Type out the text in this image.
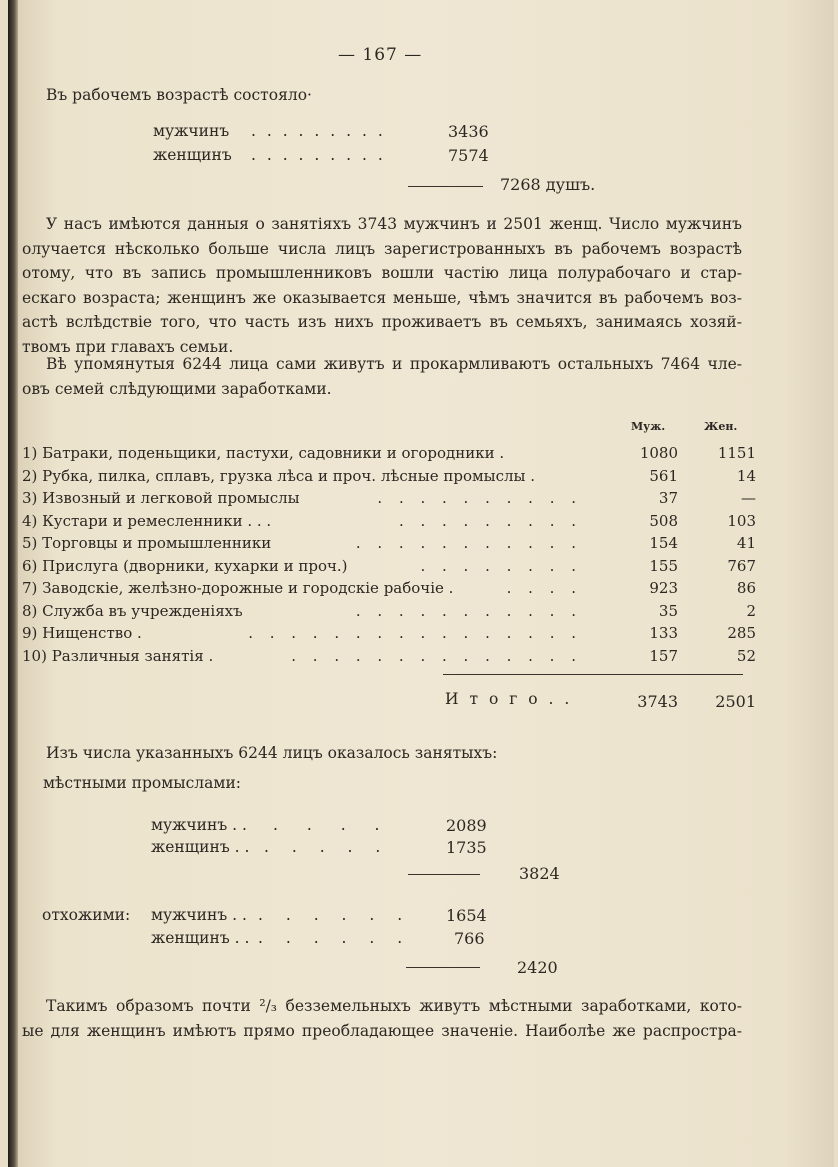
— 167 —
Въ рабочемъ возрастѣ состояло·
мужчинъ . . . . . . . . .	3436
женщинъ . . . . . . . . .	7574
7268 душъ.
У насъ имѣются данныя о занятіяхъ 3743 мужчинъ и 2501 женщ. Число мужчинъ
олучается нѣсколько больше числа лицъ зарегистрованныхъ въ рабочемъ возрастѣ
отому, что въ запись промышленниковъ вошли частію лица полурабочаго и стар-
ескаго возраста; женщинъ же оказывается меньше, чѣмъ значится въ рабочемъ воз-
астѣ вслѣдствіе того, что часть изъ нихъ проживаетъ въ семьяхъ, занимаясь хозяй-
твомъ при главахъ семьи.
Вѣ упомянутыя 6244 лица сами живутъ и прокармливаютъ остальныхъ 7464 чле-
овъ семей слѣдующими заработками.
Муж.	Жен.
1) Батраки, поденьщики, пастухи, садовники и огородники .	1080	1151
2) Рубка, пилка, сплавъ, грузка лѣса и проч. лѣсные промыслы .	561	14
3) Извозный и легковой промыслы	. . . . . . . . . .	37	—
4) Кустари и ремесленники . . .	. . . . . . . . .	508	103
5) Торговцы и промышленники	. . . . . . . . . . .	154	41
6) Прислуга (дворники, кухарки и проч.)	. . . . . . . .	155	767
7) Заводскіе, желѣзно-дорожные и городскіе рабочіе .	. . . .	923	86
8) Служба въ учрежденіяхъ	. . . . . . . . . . .	35	2
9) Нищенство .	. . . . . . . . . . . . . . . .	133	285
10) Различныя занятія .	. . . . . . . . . . . . . .	157	52
И т о г о . .	3743	2501
Изъ числа указанныхъ 6244 лицъ оказалось занятыхъ:
мѣстными промыслами:
мужчинъ . . . . . .	2089
женщинъ . . . . . . .	1735
3824
отхожими: мужчинъ . . . . . . . . 1654
женщинъ . . . . . . . .	766
2420
Такимъ образомъ почти ²/₃ безземельныхъ живутъ мѣстными заработками, кото-
ые для женщинъ имѣютъ прямо преобладающее значеніе. Наиболѣе же распростра-
